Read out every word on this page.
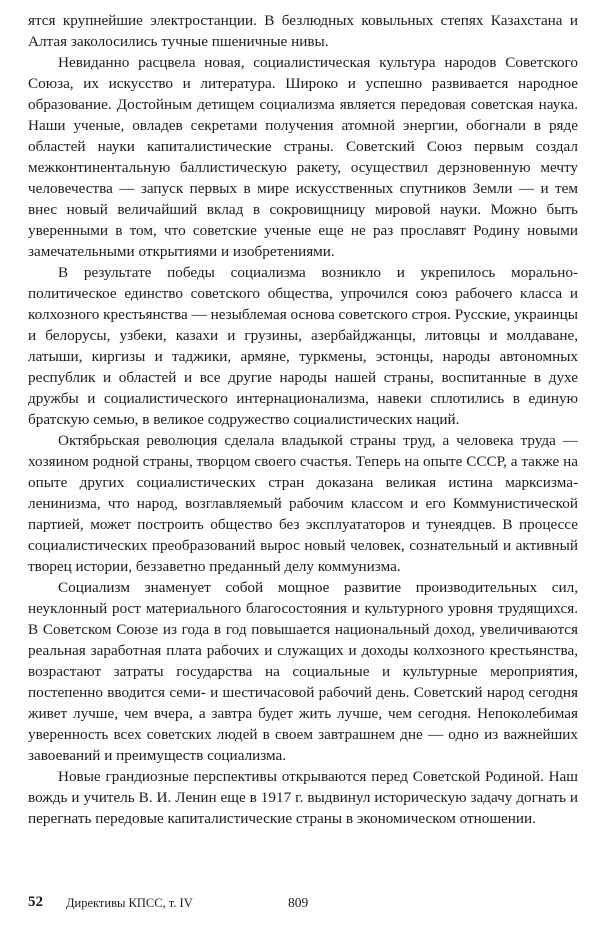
ятся крупнейшие электростанции. В безлюдных ковыльных степях Казахстана и Алтая заколосились тучные пшеничные нивы.

Невиданно расцвела новая, социалистическая культура народов Советского Союза, их искусство и литература. Широко и успешно развивается народное образование. Достойным детищем социализма является передовая советская наука. Наши ученые, овладев секретами получения атомной энергии, обогнали в ряде областей науки капиталистические страны. Советский Союз первым создал межконтинентальную баллистическую ракету, осуществил дерзновенную мечту человечества — запуск первых в мире искусственных спутников Земли — и тем внес новый величайший вклад в сокровищницу мировой науки. Можно быть уверенными в том, что советские ученые еще не раз прославят Родину новыми замечательными открытиями и изобретениями.

В результате победы социализма возникло и укрепилось морально-политическое единство советского общества, упрочился союз рабочего класса и колхозного крестьянства — незыблемая основа советского строя. Русские, украинцы и белорусы, узбеки, казахи и грузины, азербайджанцы, литовцы и молдаване, латыши, киргизы и таджики, армяне, туркмены, эстонцы, народы автономных республик и областей и все другие народы нашей страны, воспитанные в духе дружбы и социалистического интернационализма, навеки сплотились в единую братскую семью, в великое содружество социалистических наций.

Октябрьская революция сделала владыкой страны труд, а человека труда — хозяином родной страны, творцом своего счастья. Теперь на опыте СССР, а также на опыте других социалистических стран доказана великая истина марксизма-ленинизма, что народ, возглавляемый рабочим классом и его Коммунистической партией, может построить общество без эксплуататоров и тунеядцев. В процессе социалистических преобразований вырос новый человек, сознательный и активный творец истории, беззаветно преданный делу коммунизма.

Социализм знаменует собой мощное развитие производительных сил, неуклонный рост материального благосостояния и культурного уровня трудящихся. В Советском Союзе из года в год повышается национальный доход, увеличиваются реальная заработная плата рабочих и служащих и доходы колхозного крестьянства, возрастают затраты государства на социальные и культурные мероприятия, постепенно вводится семи- и шестичасовой рабочий день. Советский народ сегодня живет лучше, чем вчера, а завтра будет жить лучше, чем сегодня. Непоколебимая уверенность всех советских людей в своем завтрашнем дне — одно из важнейших завоеваний и преимуществ социализма.

Новые грандиозные перспективы открываются перед Советской Родиной. Наш вождь и учитель В. И. Ленин еще в 1917 г. выдвинул историческую задачу догнать и перегнать передовые капиталистические страны в экономическом отношении.

52 Директивы КПСС, т. IV	809
